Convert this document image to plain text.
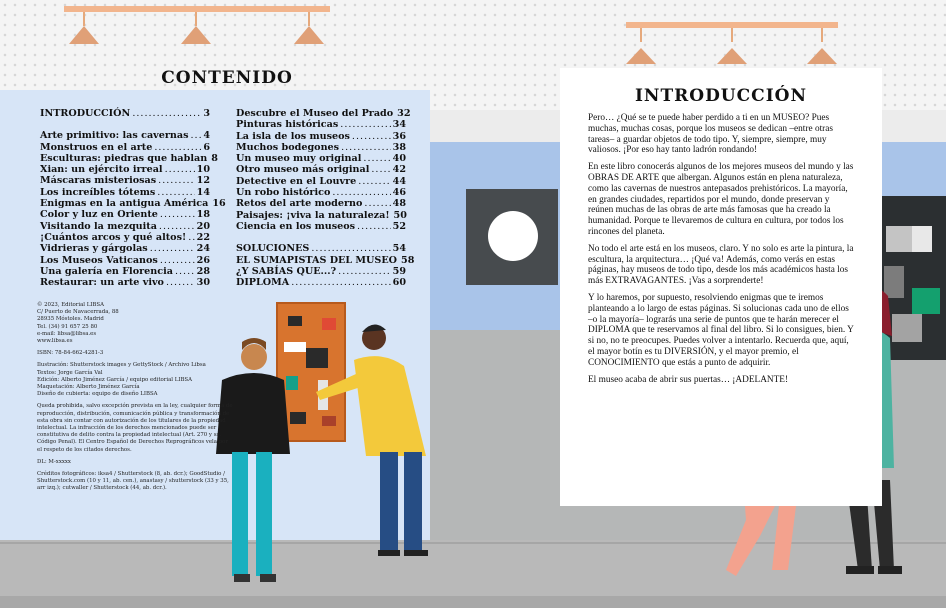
CONTENIDO
INTRODUCCIÓN .....	3
Arte primitivo: las cavernas ..... 4
Monstruos en el arte .....	6
Esculturas: piedras que hablan 8
Xian: un ejército irreal .....	10
Máscaras misteriosas .....	12
Los increíbles tótems .....	14
Enigmas en la antigua América 16
Color y luz en Oriente .....	18
Visitando la mezquita .....	20
¡Cuántos arcos y qué altos! ..... 22
Vidrieras y gárgolas .....	24
Los Museos Vaticanos .....	26
Una galería en Florencia ..... 28
Restaurar: un arte vivo .....	30
Descubre el Museo del Prado 32
Pinturas históricas .....	34
La isla de los museos .....	36
Muchos bodegones .....	38
Un museo muy original .....	40
Otro museo más original ..... 42
Detective en el Louvre .....	44
Un robo histórico .....	46
Retos del arte moderno .....	48
Paisajes: ¡viva la naturaleza! 50
Ciencia en los museos .....	52
SOLUCIONES .....	54
EL SUMAPISTAS DEL MUSEO 58
¿Y SABÍAS QUE...? .....	59
DIPLOMA .....	60

© 2023, Editorial LIBSA
C/ Puerto de Navacerrada, 88
28935 Móstoles. Madrid
Tel. (34) 91 657 25 80
e-mail: libsa@libsa.es
www.libsa.es

ISBN: 78-84-662-4281-3

Ilustración: Shutterstock images y GettyStock / Archivo Libsa
Textos: Jorge García Val
Edición: Alberto Jiménez García / equipo editorial LIBSA
Maquetación: Alberto Jiménez García
Diseño de cubierta: equipo de diseño LIBSA

Queda prohibida, salvo excepción prevista en la ley, cualquier forma de reproducción, distribución, comunicación pública y transformación de esta obra sin contar con autorización de los titulares de la propiedad intelectual. La infracción de los derechos mencionados puede ser constitutiva de delito contra la propiedad intelectual (Art. 270 y ss. Código Penal). El Centro Español de Derechos Reprográficos vela por el respeto de los citados derechos.

DL: M-xxxxx

Créditos fotográficos: iksa4 / Shutterstock (8, ab. dcr.); GoodStudio / Shutterstock.com (10 y 11, ab. cen.), anastasy / shutterstock (33 y 35, arr izq.); cutwaller / Shutterstock (44, ab. dcr.).

INTRODUCCIÓN

Pero… ¿Qué se te puede haber perdido a ti en un MUSEO? Pues muchas, muchas cosas, porque los museos se dedican –entre otras tareas– a guardar objetos de todo tipo. Y, siempre, siempre, muy valiosos. ¡Por eso hay tanto ladrón rondando!

En este libro conocerás algunos de los mejores museos del mundo y las OBRAS DE ARTE que albergan. Algunos están en plena naturaleza, como las cavernas de nuestros antepasados prehistóricos. La mayoría, en grandes ciudades, repartidos por el mundo, donde preservan y reúnen muchas de las obras de arte más famosas que ha creado la humanidad. Porque te llevaremos de cultura en cultura, por todos los rincones del planeta.

No todo el arte está en los museos, claro. Y no solo es arte la pintura, la escultura, la arquitectura… ¡Qué va! Además, como verás en estas páginas, hay museos de todo tipo, desde los más académicos hasta los más EXTRAVAGANTES. ¡Vas a sorprenderte!

Y lo haremos, por supuesto, resolviendo enigmas que te iremos planteando a lo largo de estas páginas. Si solucionas cada uno de ellos –o la mayoría– lograrás una serie de puntos que te harán merecer el DIPLOMA que te reservamos al final del libro. Si lo consigues, bien. Y si no, no te preocupes. Puedes volver a intentarlo. Recuerda que, aquí, el mayor botín es tu DIVERSIÓN, y el mayor premio, el CONOCIMIENTO que estás a punto de adquirir.

El museo acaba de abrir sus puertas… ¡ADELANTE!
